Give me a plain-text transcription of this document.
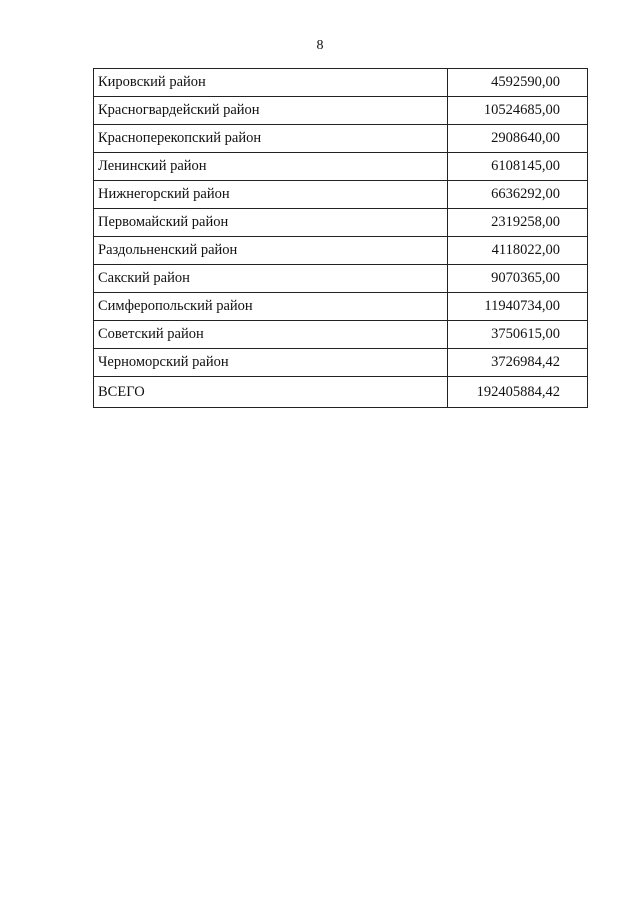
8
Кировский район	4592590,00
Красногвардейский район	10524685,00
Красноперекопский район	2908640,00
Ленинский район	6108145,00
Нижнегорский район	6636292,00
Первомайский район	2319258,00
Раздольненский район	4118022,00
Сакский район	9070365,00
Симферопольский район	11940734,00
Советский район	3750615,00
Черноморский район	3726984,42
ВСЕГО	192405884,42
